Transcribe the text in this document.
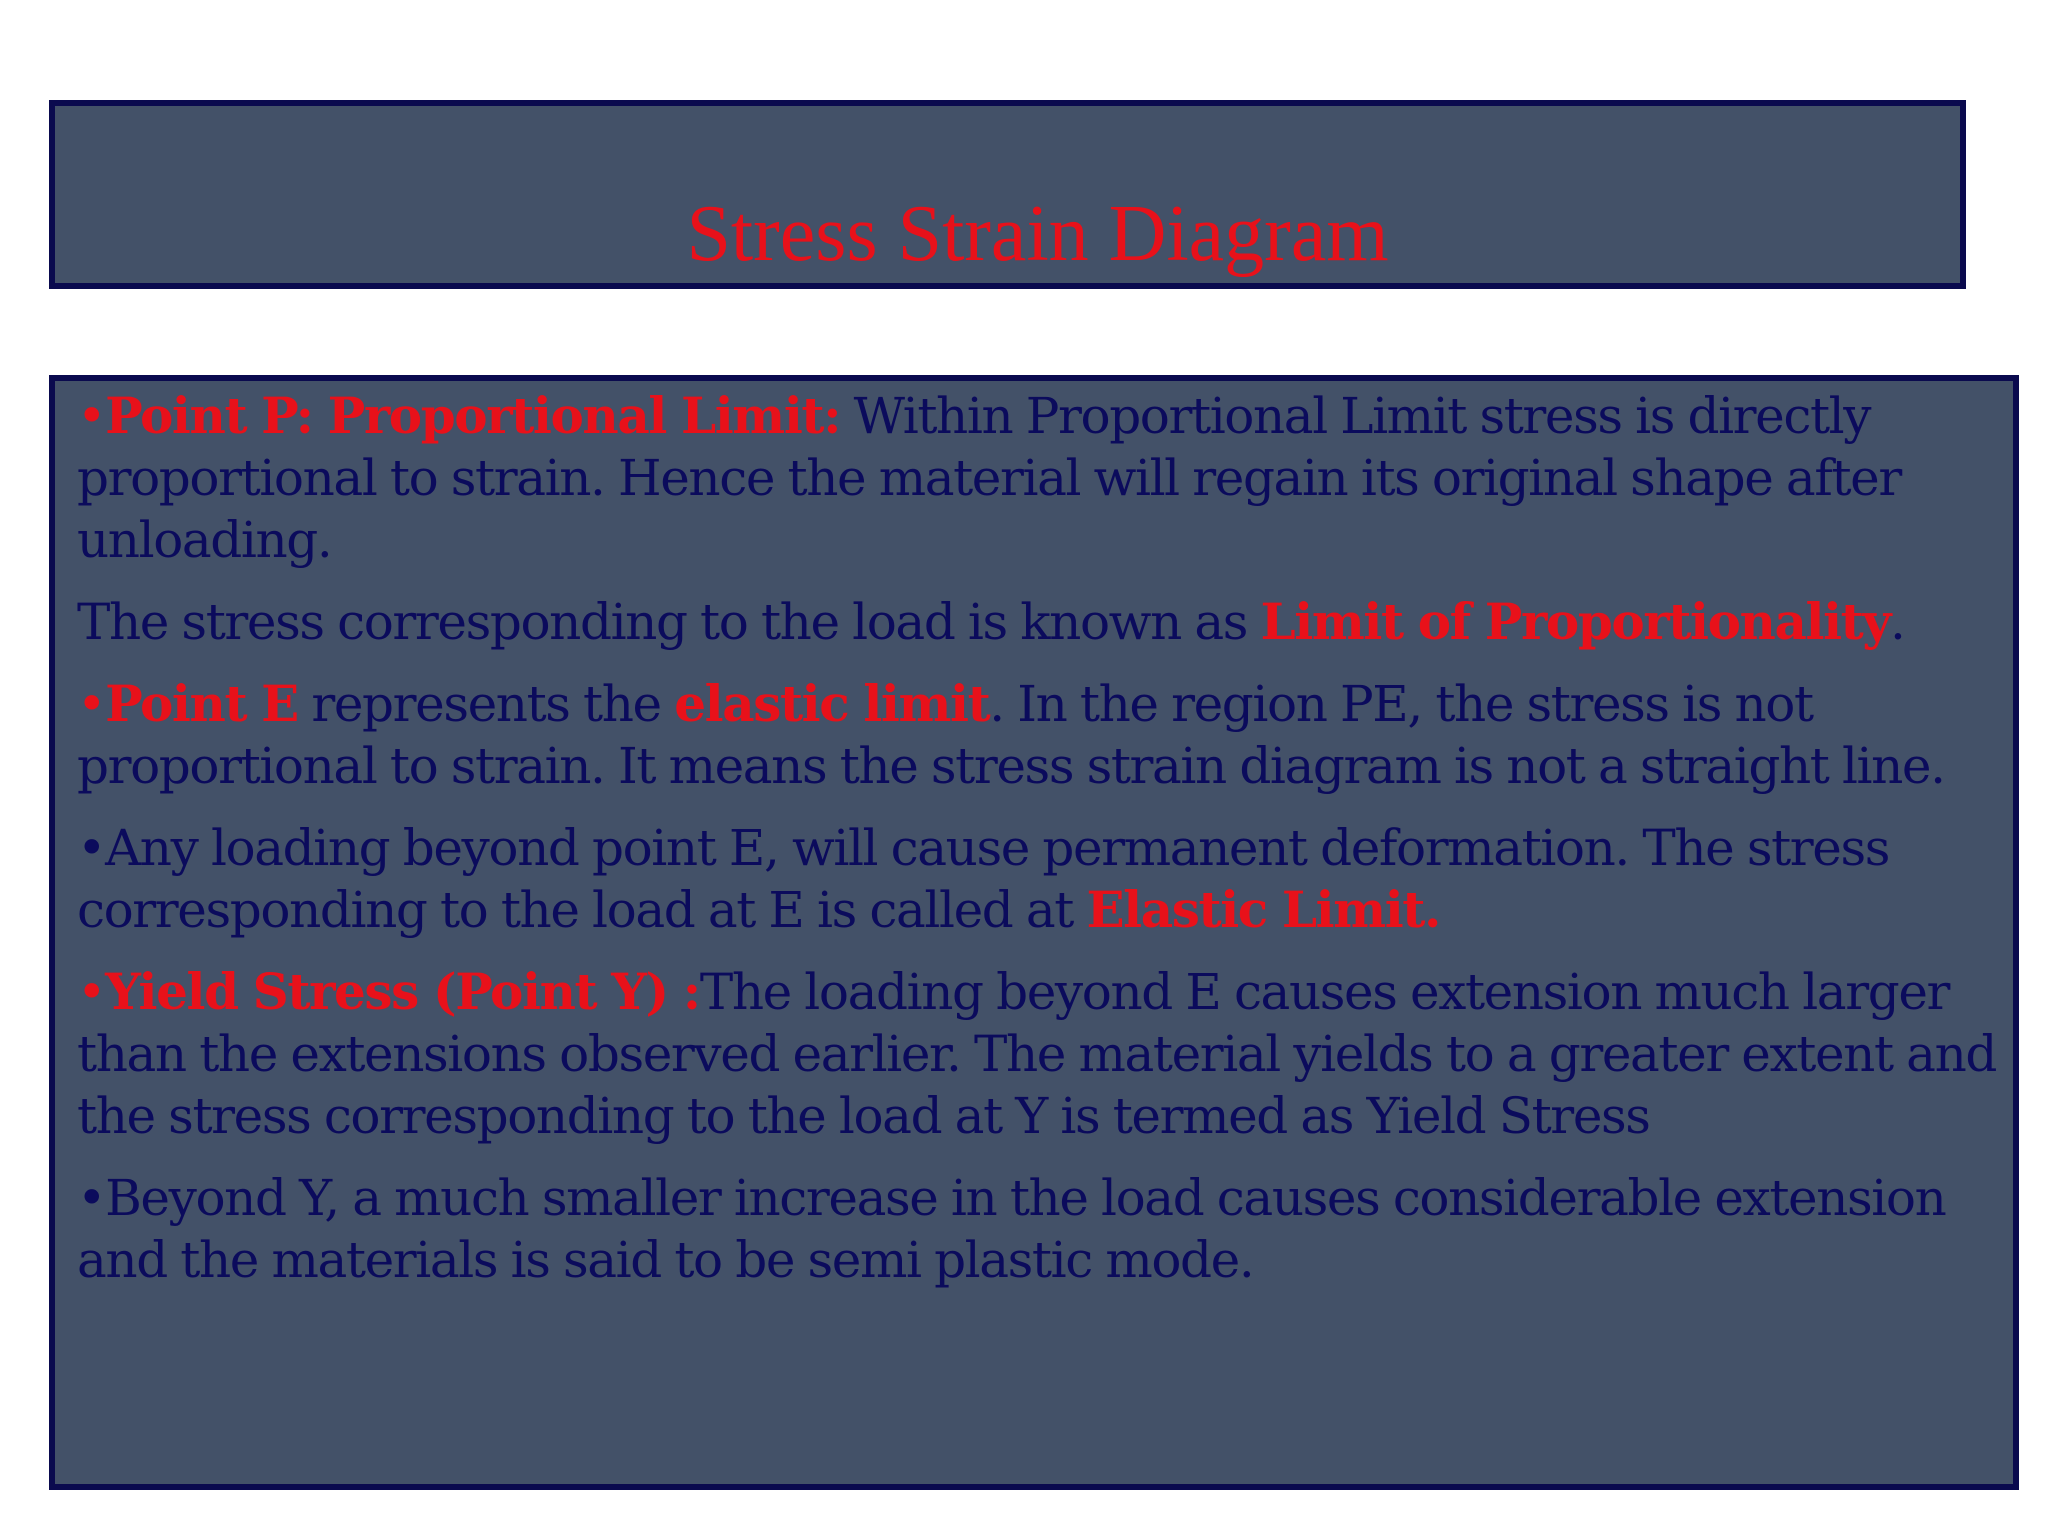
Stress Strain Diagram

•Point P: Proportional Limit: Within Proportional Limit stress is directly proportional to strain. Hence the material will regain its original shape after unloading.

The stress corresponding to the load is known as Limit of Proportionality.

•Point E represents the elastic limit. In the region PE, the stress is not proportional to strain. It means the stress strain diagram is not a straight line.

•Any loading beyond point E, will cause permanent deformation. The stress corresponding to the load at E is called at Elastic Limit.

•Yield Stress (Point Y) :The loading beyond E causes extension much larger than the extensions observed earlier. The material yields to a greater extent and the stress corresponding to the load at Y is termed as Yield Stress

•Beyond Y, a much smaller increase in the load causes considerable extension and the materials is said to be semi plastic mode.
